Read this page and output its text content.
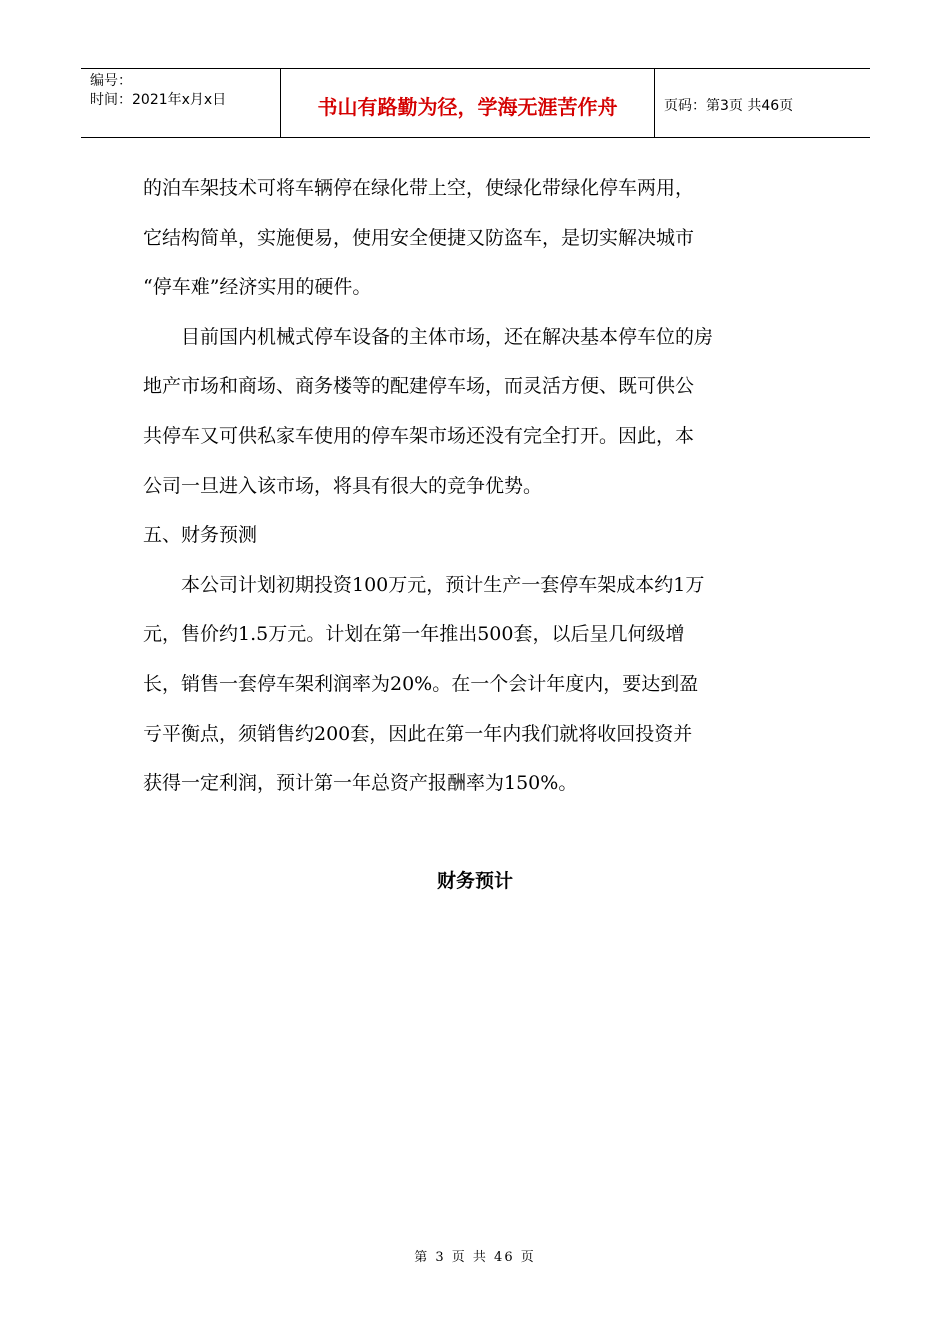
编号：
时间：2021年x月x日	书山有路勤为径，学海无涯苦作舟	页码：第3页 共46页

的泊车架技术可将车辆停在绿化带上空，使绿化带绿化停车两用，

它结构简单，实施便易，使用安全便捷又防盗车，是切实解决城市

“停车难”经济实用的硬件。

目前国内机械式停车设备的主体市场，还在解决基本停车位的房

地产市场和商场、商务楼等的配建停车场，而灵活方便、既可供公

共停车又可供私家车使用的停车架市场还没有完全打开。因此，本

公司一旦进入该市场，将具有很大的竞争优势。

五、财务预测

本公司计划初期投资100万元，预计生产一套停车架成本约1万

元，售价约1.5万元。计划在第一年推出500套，以后呈几何级增

长，销售一套停车架利润率为20%。在一个会计年度内，要达到盈

亏平衡点，须销售约200套，因此在第一年内我们就将收回投资并

获得一定利润，预计第一年总资产报酬率为150%。

财务预计
第 3 页 共 46 页
